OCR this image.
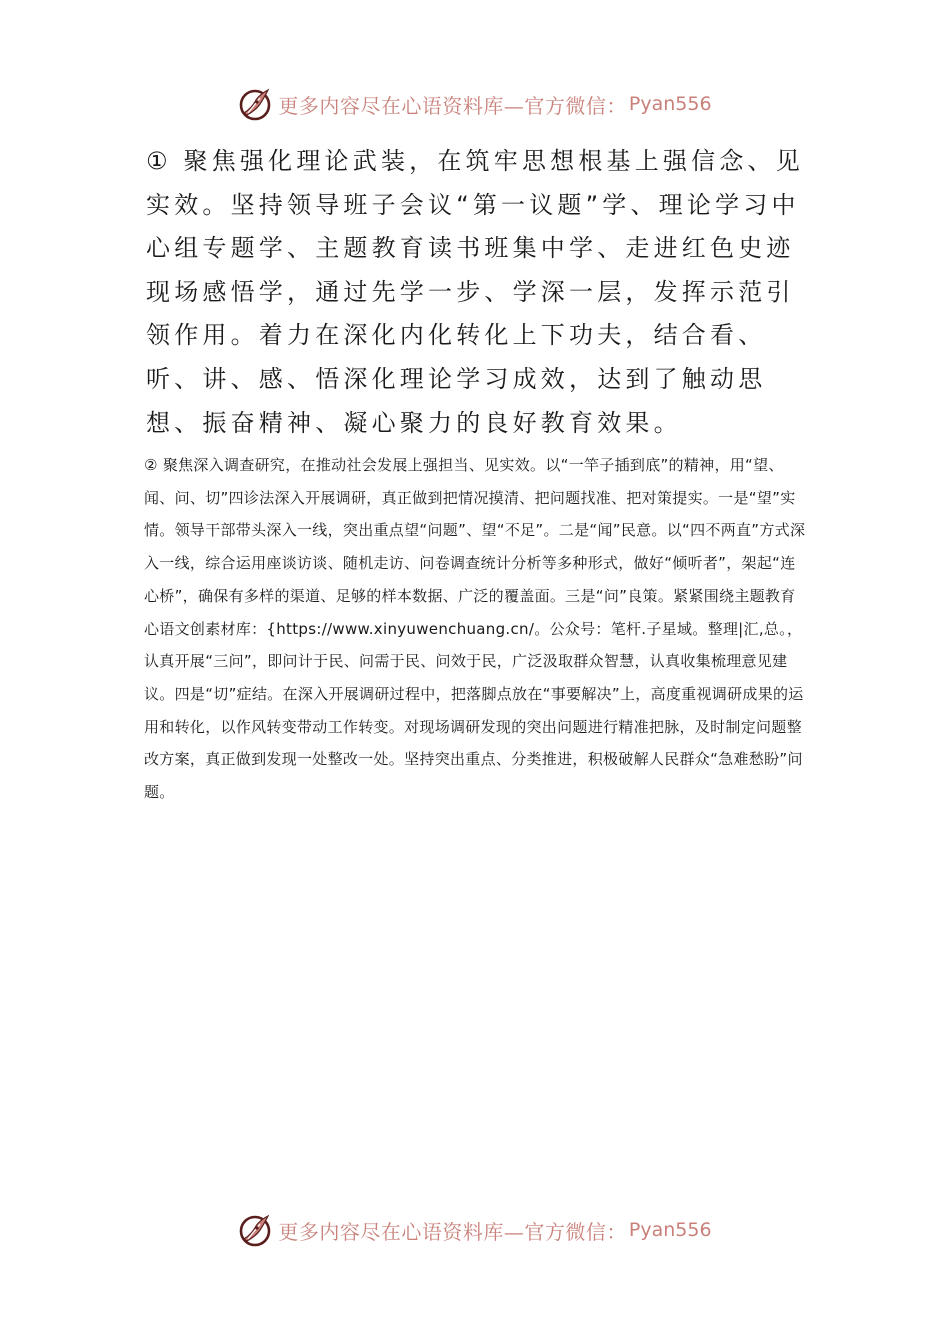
更多内容尽在心语资料库—官方微信： Pyan556

① 聚焦强化理论武装，在筑牢思想根基上强信念、见实效。坚持领导班子会议“第一议题”学、理论学习中心组专题学、主题教育读书班集中学、走进红色史迹现场感悟学，通过先学一步、学深一层，发挥示范引领作用。着力在深化内化转化上下功夫，结合看、听、讲、感、悟深化理论学习成效，达到了触动思想、振奋精神、凝心聚力的良好教育效果。

② 聚焦深入调查研究，在推动社会发展上强担当、见实效。以“一竿子插到底”的精神，用“望、闻、问、切”四诊法深入开展调研，真正做到把情况摸清、把问题找准、把对策提实。一是“望”实情。领导干部带头深入一线，突出重点望“问题”、望“不足”。二是“闻”民意。以“四不两直”方式深入一线，综合运用座谈访谈、随机走访、问卷调查统计分析等多种形式，做好“倾听者”，架起“连心桥”，确保有多样的渠道、足够的样本数据、广泛的覆盖面。三是“问”良策。紧紧围绕主题教育心语文创素材库：{https://www.xinyuwenchuang.cn/。公众号：笔杆.子星域。整理|汇,总。，认真开展“三问”，即问计于民、问需于民、问效于民，广泛汲取群众智慧，认真收集梳理意见建议。四是“切”症结。在深入开展调研过程中，把落脚点放在“事要解决”上，高度重视调研成果的运用和转化，以作风转变带动工作转变。对现场调研发现的突出问题进行精准把脉，及时制定问题整改方案，真正做到发现一处整改一处。坚持突出重点、分类推进，积极破解人民群众“急难愁盼”问题。

更多内容尽在心语资料库—官方微信： Pyan556
